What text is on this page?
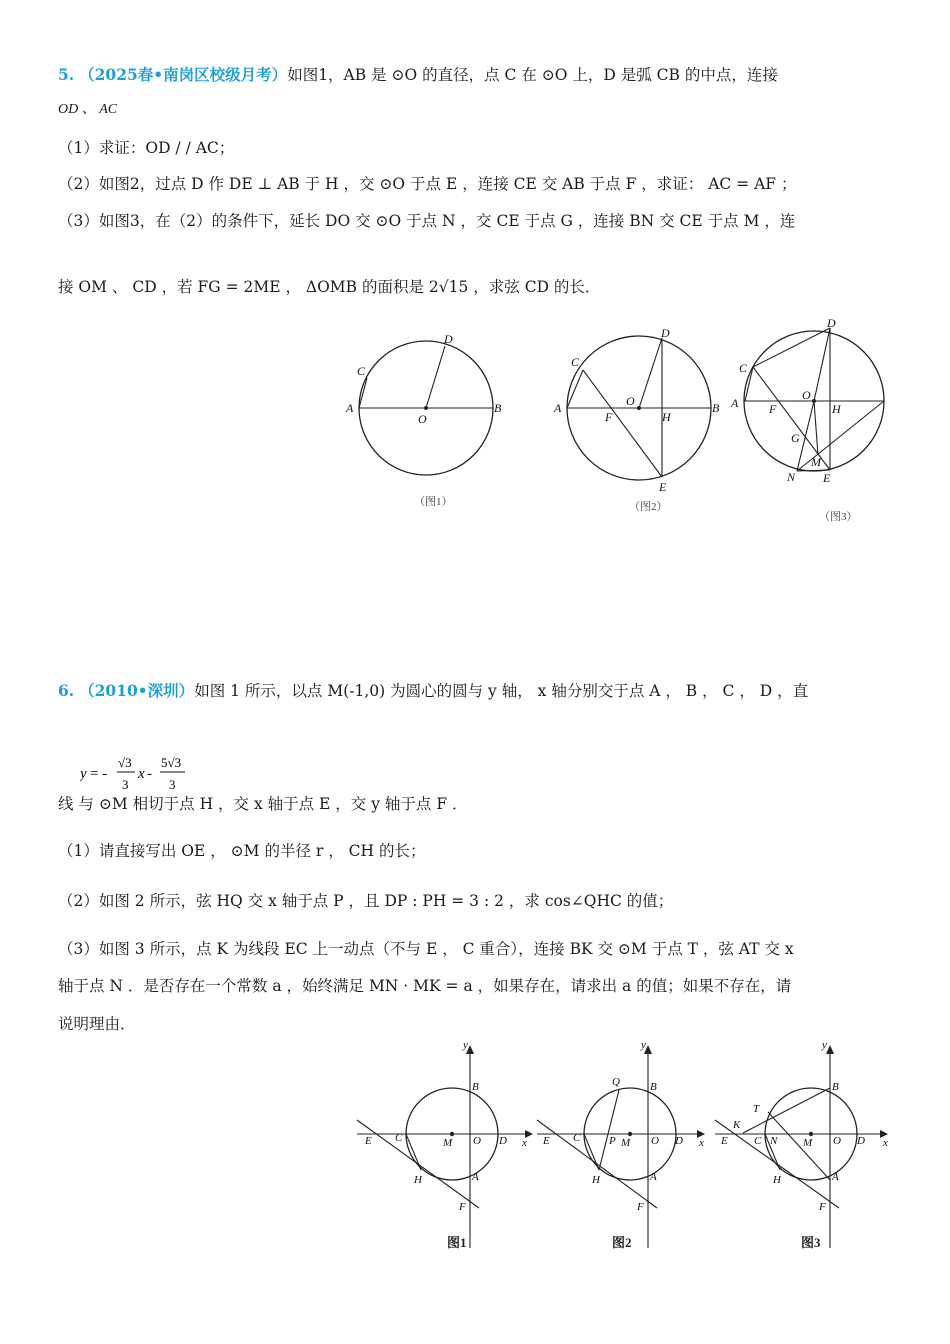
5. （2025春•南岗区校级月考）如图1，AB 是 ⊙O 的直径，点 C 在 ⊙O 上，D 是弧 CB 的中点，连接
OD 、 AC
（1）求证：OD / / AC；
（2）如图2，过点 D 作 DE ⊥ AB 于 H ，交 ⊙O 于点 E ，连接 CE 交 AB 于点 F ，求证： AC = AF ；
（3）如图3，在（2）的条件下，延长 DO 交 ⊙O 于点 N ，交 CE 于点 G ，连接 BN 交 CE 于点 M ，连
接 OM 、 CD ，若 FG = 2ME ， ΔOMB 的面积是 2√15 ，求弦 CD 的长．
A	B
C
D
O
（图1）
A	B
C
D
E
F	H
O
（图2）
A
C
D
O
F	H
G
M
N E
（图3）
6. （2010•深圳）如图 1 所示，以点 M(-1,0) 为圆心的圆与 y 轴， x 轴分别交于点 A ， B ， C ， D ，直
y = -
√3
3
x -
5√3
3
线 与 ⊙M 相切于点 H ，交 x 轴于点 E ，交 y 轴于点 F ．
（1）请直接写出 OE ， ⊙M 的半径 r ， CH 的长；
（2）如图 2 所示，弦 HQ 交 x 轴于点 P ，且 DP : PH = 3 : 2 ，求 cos∠QHC 的值；
（3）如图 3 所示，点 K 为线段 EC 上一动点（不与 E ， C 重合），连接 BK 交 ⊙M 于点 T ，弦 AT 交 x
轴于点 N ．是否存在一个常数 a ，始终满足 MN · MK = a ，如果存在，请求出 a 的值；如果不存在，请
说明理由．
y
x
B
A
E C	M O D
H
F
图1
y
x
B
A
Q
E C	P M O D
H
F
图2
y
x
B
A
T
K
E C N M O D
H
F
图3
